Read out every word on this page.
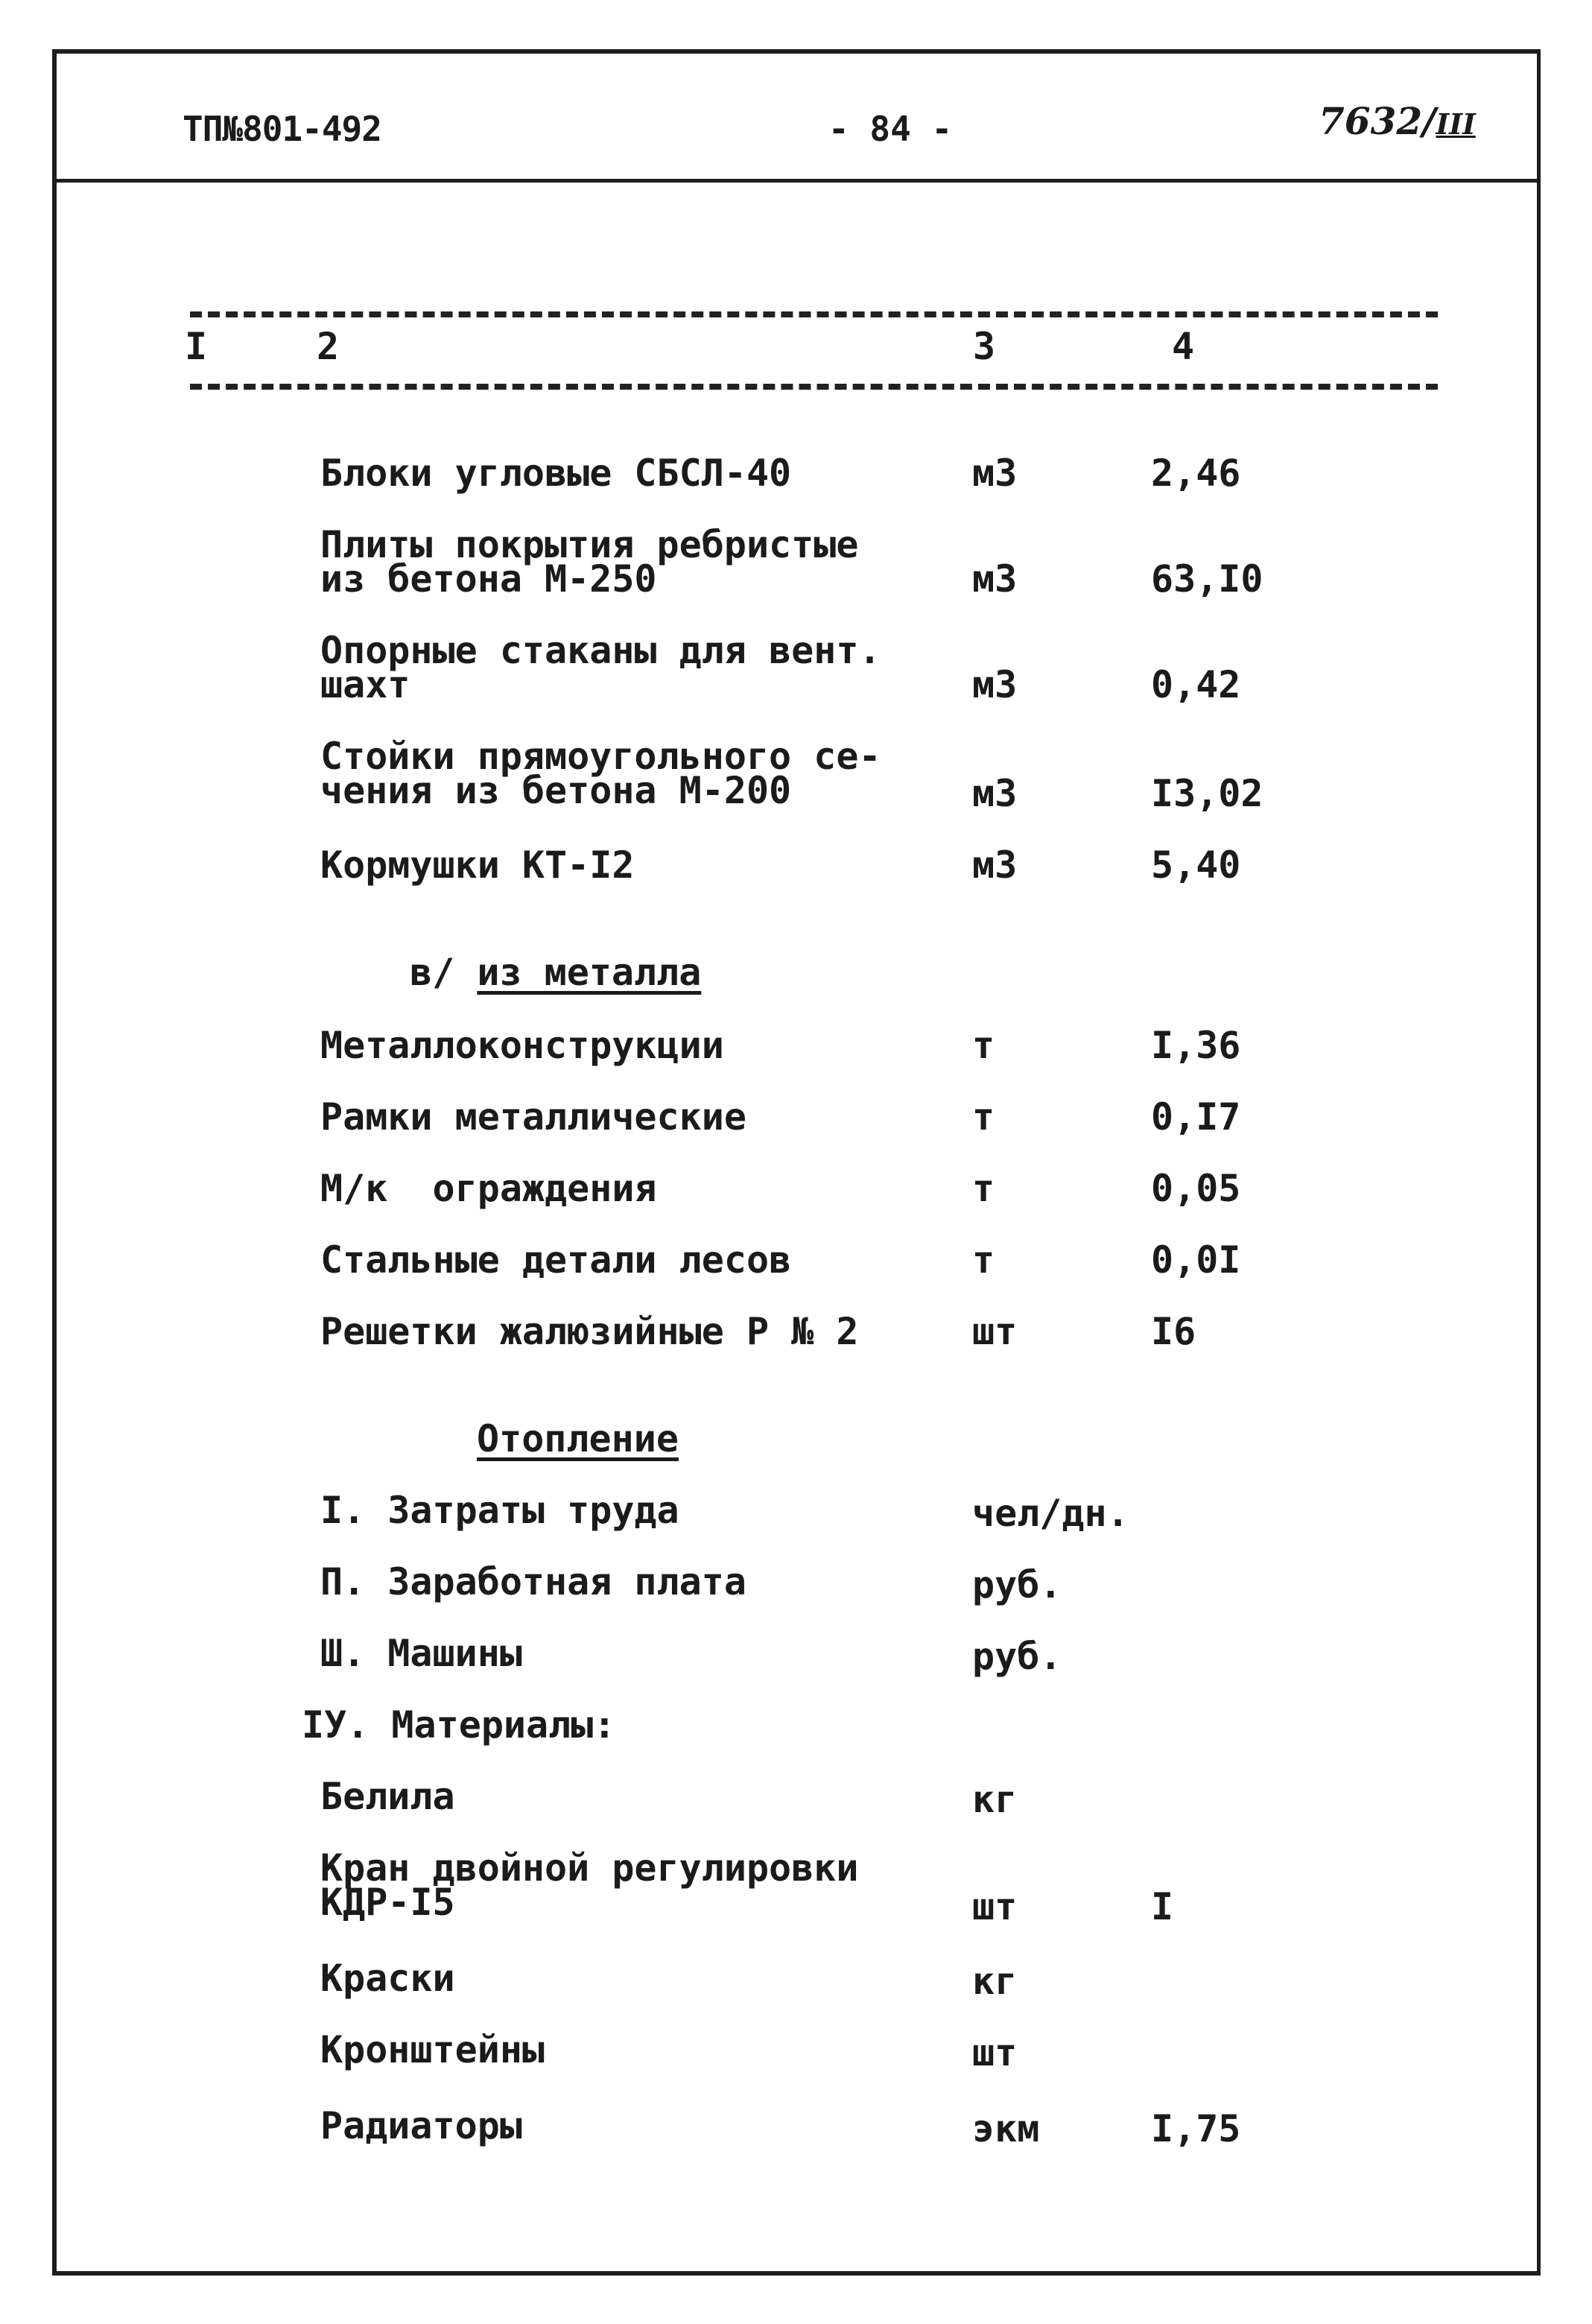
ТП№801-492	- 84 -	7632/III
I	2	3	4
Блоки угловые СБСЛ-40	м3	2,46
Плиты покрытия ребристые
из бетона М-250	м3	63,I0
Опорные стаканы для вент.
шахт	м3	0,42
Стойки прямоугольного се-
чения из бетона М-200	м3	I3,02
Кормушки КТ-I2	м3	5,40
в/ из металла
Металлоконструкции	т	I,36
Рамки металлические	т	0,I7
М/к  ограждения	т	0,05
Стальные детали лесов	т	0,0I
Решетки жалюзийные Р № 2	шт	I6
Отопление
I. Затраты труда	чел/дн.
П. Заработная плата	руб.
Ш. Машины	руб.
IУ. Материалы:
Белила	кг
Кран двойной регулировки
КДР-I5	шт	I
Краски	кг
Кронштейны	шт
Радиаторы	экм	I,75
